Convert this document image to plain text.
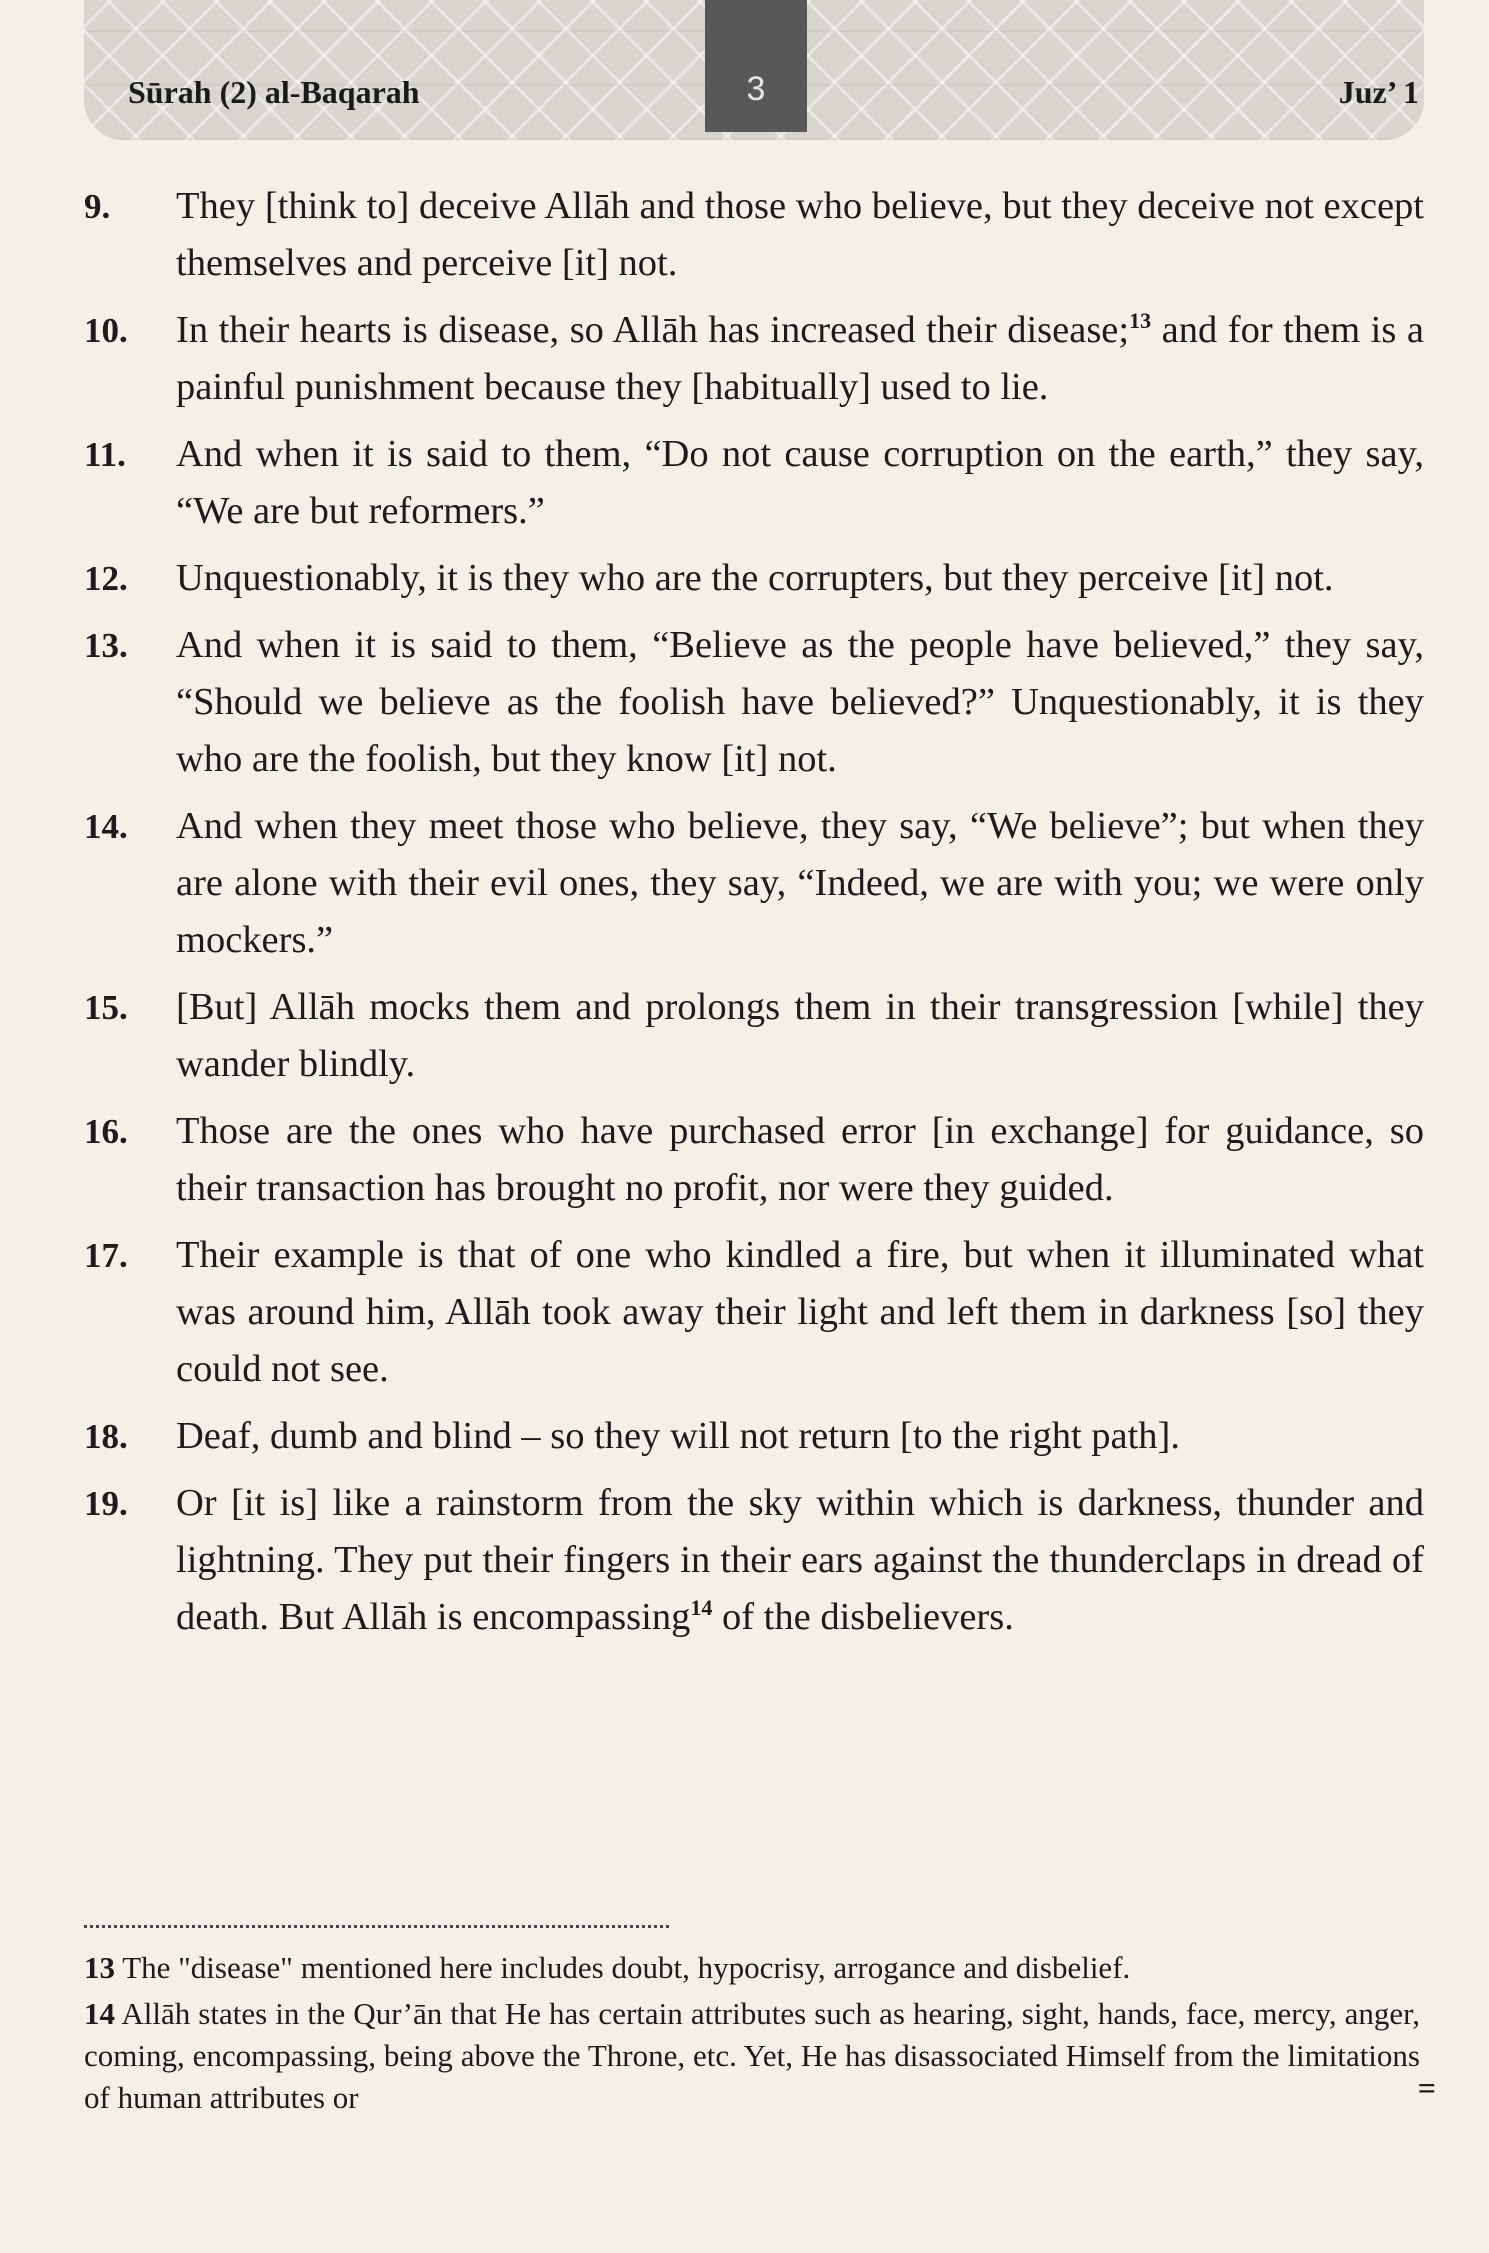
Sūrah (2) al-Baqarah	3	Juz’ 1
9. They [think to] deceive Allāh and those who believe, but they deceive not except themselves and perceive [it] not.
10. In their hearts is disease, so Allāh has increased their disease;$^{13}$ and for them is a painful punishment because they [habitually] used to lie.
11. And when it is said to them, “Do not cause corruption on the earth,” they say, “We are but reformers.”
12. Unquestionably, it is they who are the corrupters, but they perceive [it] not.
13. And when it is said to them, “Believe as the people have believed,” they say, “Should we believe as the foolish have believed?” Unquestionably, it is they who are the foolish, but they know [it] not.
14. And when they meet those who believe, they say, “We believe”; but when they are alone with their evil ones, they say, “Indeed, we are with you; we were only mockers.”
15. [But] Allāh mocks them and prolongs them in their transgression [while] they wander blindly.
16. Those are the ones who have purchased error [in exchange] for guidance, so their transaction has brought no profit, nor were they guided.
17. Their example is that of one who kindled a fire, but when it illuminated what was around him, Allāh took away their light and left them in darkness [so] they could not see.
18. Deaf, dumb and blind – so they will not return [to the right path].
19. Or [it is] like a rainstorm from the sky within which is darkness, thunder and lightning. They put their fingers in their ears against the thunderclaps in dread of death. But Allāh is encompassing$^{14}$ of the disbelievers.
13 The "disease" mentioned here includes doubt, hypocrisy, arrogance and disbelief.
14 Allāh states in the Qur’ān that He has certain attributes such as hearing, sight, hands, face, mercy, anger, coming, encompassing, being above the Throne, etc. Yet, He has disassociated Himself from the limitations of human attributes or	=
